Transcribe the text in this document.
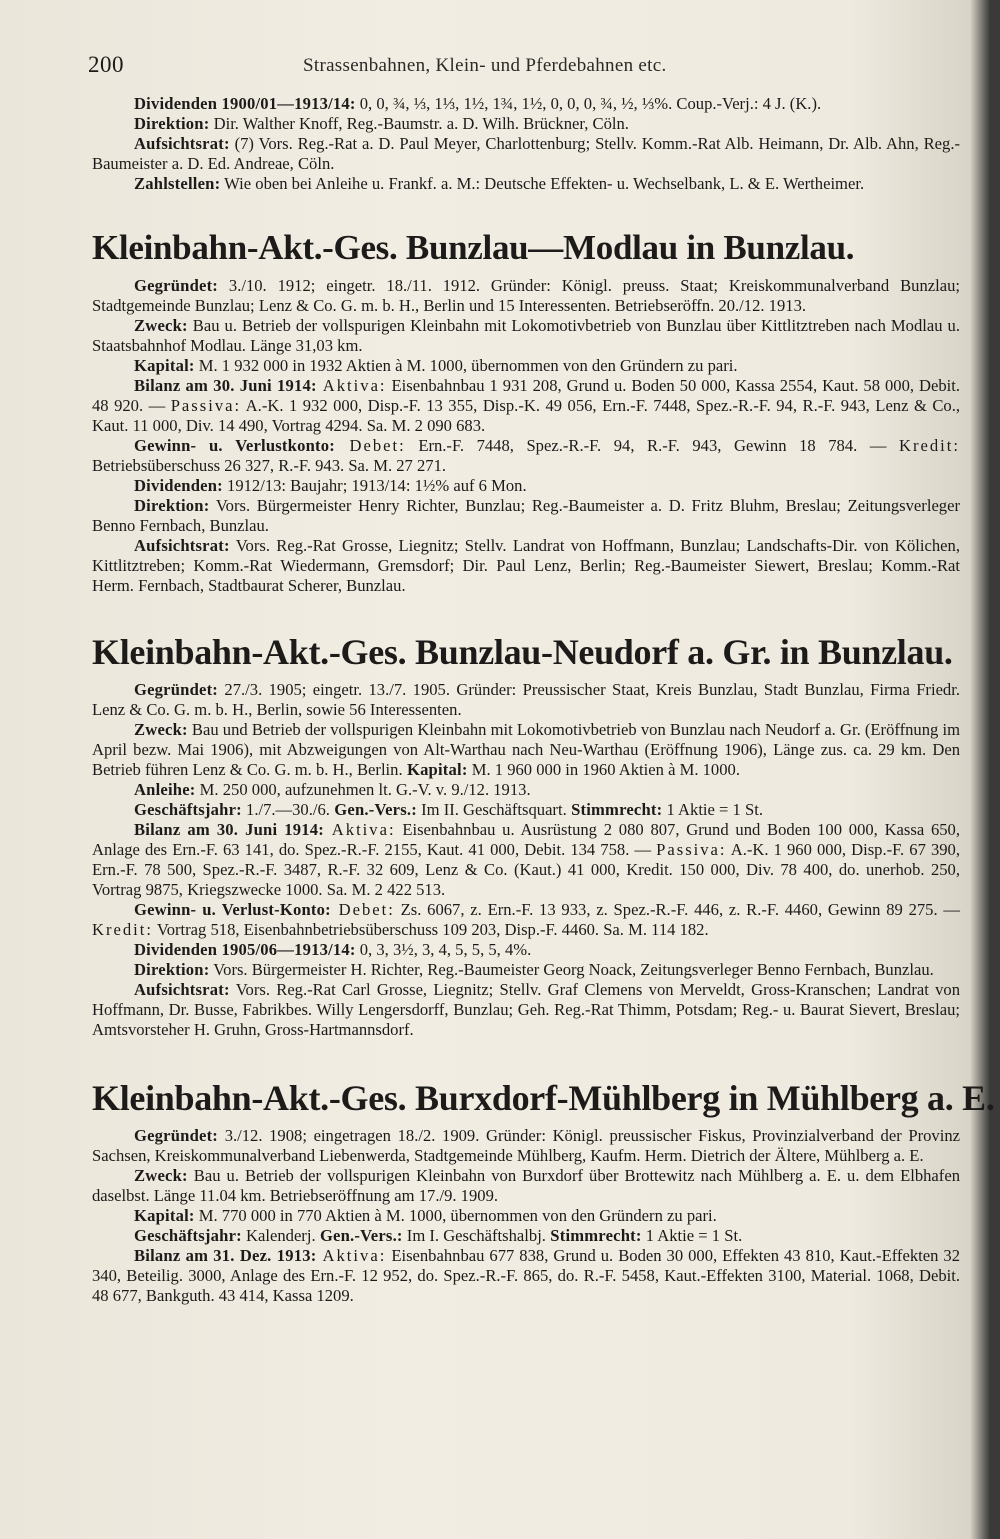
200	Strassenbahnen, Klein- und Pferdebahnen etc.

Dividenden 1900/01—1913/14: 0, 0, ¾, ⅓, 1⅓, 1½, 1¾, 1½, 0, 0, 0, ¾, ½, ⅓%. Coup.-Verj.: 4 J. (K.).

Direktion: Dir. Walther Knoff, Reg.-Baumstr. a. D. Wilh. Brückner, Cöln.

Aufsichtsrat: (7) Vors. Reg.-Rat a. D. Paul Meyer, Charlottenburg; Stellv. Komm.-Rat Alb. Heimann, Dr. Alb. Ahn, Reg.-Baumeister a. D. Ed. Andreae, Cöln.

Zahlstellen: Wie oben bei Anleihe u. Frankf. a. M.: Deutsche Effekten- u. Wechselbank, L. & E. Wertheimer.

Kleinbahn-Akt.-Ges. Bunzlau—Modlau in Bunzlau.

Gegründet: 3./10. 1912; eingetr. 18./11. 1912. Gründer: Königl. preuss. Staat; Kreiskommunalverband Bunzlau; Stadtgemeinde Bunzlau; Lenz & Co. G. m. b. H., Berlin und 15 Interessenten. Betriebseröffn. 20./12. 1913.

Zweck: Bau u. Betrieb der vollspurigen Kleinbahn mit Lokomotivbetrieb von Bunzlau über Kittlitztreben nach Modlau u. Staatsbahnhof Modlau. Länge 31,03 km.

Kapital: M. 1 932 000 in 1932 Aktien à M. 1000, übernommen von den Gründern zu pari.

Bilanz am 30. Juni 1914: Aktiva: Eisenbahnbau 1 931 208, Grund u. Boden 50 000, Kassa 2554, Kaut. 58 000, Debit. 48 920. — Passiva: A.-K. 1 932 000, Disp.-F. 13 355, Disp.-K. 49 056, Ern.-F. 7448, Spez.-R.-F. 94, R.-F. 943, Lenz & Co., Kaut. 11 000, Div. 14 490, Vortrag 4294. Sa. M. 2 090 683.

Gewinn- u. Verlustkonto: Debet: Ern.-F. 7448, Spez.-R.-F. 94, R.-F. 943, Gewinn 18 784. — Kredit: Betriebsüberschuss 26 327, R.-F. 943. Sa. M. 27 271.

Dividenden: 1912/13: Baujahr; 1913/14: 1½% auf 6 Mon.

Direktion: Vors. Bürgermeister Henry Richter, Bunzlau; Reg.-Baumeister a. D. Fritz Bluhm, Breslau; Zeitungsverleger Benno Fernbach, Bunzlau.

Aufsichtsrat: Vors. Reg.-Rat Grosse, Liegnitz; Stellv. Landrat von Hoffmann, Bunzlau; Landschafts-Dir. von Kölichen, Kittlitztreben; Komm.-Rat Wiedermann, Gremsdorf; Dir. Paul Lenz, Berlin; Reg.-Baumeister Siewert, Breslau; Komm.-Rat Herm. Fernbach, Stadtbaurat Scherer, Bunzlau.

Kleinbahn-Akt.-Ges. Bunzlau-Neudorf a. Gr. in Bunzlau.

Gegründet: 27./3. 1905; eingetr. 13./7. 1905. Gründer: Preussischer Staat, Kreis Bunzlau, Stadt Bunzlau, Firma Friedr. Lenz & Co. G. m. b. H., Berlin, sowie 56 Interessenten.

Zweck: Bau und Betrieb der vollspurigen Kleinbahn mit Lokomotivbetrieb von Bunzlau nach Neudorf a. Gr. (Eröffnung im April bezw. Mai 1906), mit Abzweigungen von Alt-Warthau nach Neu-Warthau (Eröffnung 1906), Länge zus. ca. 29 km. Den Betrieb führen Lenz & Co. G. m. b. H., Berlin. Kapital: M. 1 960 000 in 1960 Aktien à M. 1000.

Anleihe: M. 250 000, aufzunehmen lt. G.-V. v. 9./12. 1913.

Geschäftsjahr: 1./7.—30./6. Gen.-Vers.: Im II. Geschäftsquart. Stimmrecht: 1 Aktie = 1 St.

Bilanz am 30. Juni 1914: Aktiva: Eisenbahnbau u. Ausrüstung 2 080 807, Grund und Boden 100 000, Kassa 650, Anlage des Ern.-F. 63 141, do. Spez.-R.-F. 2155, Kaut. 41 000, Debit. 134 758. — Passiva: A.-K. 1 960 000, Disp.-F. 67 390, Ern.-F. 78 500, Spez.-R.-F. 3487, R.-F. 32 609, Lenz & Co. (Kaut.) 41 000, Kredit. 150 000, Div. 78 400, do. unerhob. 250, Vortrag 9875, Kriegszwecke 1000. Sa. M. 2 422 513.

Gewinn- u. Verlust-Konto: Debet: Zs. 6067, z. Ern.-F. 13 933, z. Spez.-R.-F. 446, z. R.-F. 4460, Gewinn 89 275. — Kredit: Vortrag 518, Eisenbahnbetriebsüberschuss 109 203, Disp.-F. 4460. Sa. M. 114 182.

Dividenden 1905/06—1913/14: 0, 3, 3½, 3, 4, 5, 5, 5, 4%.

Direktion: Vors. Bürgermeister H. Richter, Reg.-Baumeister Georg Noack, Zeitungsverleger Benno Fernbach, Bunzlau.

Aufsichtsrat: Vors. Reg.-Rat Carl Grosse, Liegnitz; Stellv. Graf Clemens von Merveldt, Gross-Kranschen; Landrat von Hoffmann, Dr. Busse, Fabrikbes. Willy Lengersdorff, Bunzlau; Geh. Reg.-Rat Thimm, Potsdam; Reg.- u. Baurat Sievert, Breslau; Amtsvorsteher H. Gruhn, Gross-Hartmannsdorf.

Kleinbahn-Akt.-Ges. Burxdorf-Mühlberg in Mühlberg a. E.

Gegründet: 3./12. 1908; eingetragen 18./2. 1909. Gründer: Königl. preussischer Fiskus, Provinzialverband der Provinz Sachsen, Kreiskommunalverband Liebenwerda, Stadtgemeinde Mühlberg, Kaufm. Herm. Dietrich der Ältere, Mühlberg a. E.

Zweck: Bau u. Betrieb der vollspurigen Kleinbahn von Burxdorf über Brottewitz nach Mühlberg a. E. u. dem Elbhafen daselbst. Länge 11.04 km. Betriebseröffnung am 17./9. 1909.

Kapital: M. 770 000 in 770 Aktien à M. 1000, übernommen von den Gründern zu pari.

Geschäftsjahr: Kalenderj. Gen.-Vers.: Im I. Geschäftshalbj. Stimmrecht: 1 Aktie = 1 St.

Bilanz am 31. Dez. 1913: Aktiva: Eisenbahnbau 677 838, Grund u. Boden 30 000, Effekten 43 810, Kaut.-Effekten 32 340, Beteilig. 3000, Anlage des Ern.-F. 12 952, do. Spez.-R.-F. 865, do. R.-F. 5458, Kaut.-Effekten 3100, Material. 1068, Debit. 48 677, Bankguth. 43 414, Kassa 1209.
